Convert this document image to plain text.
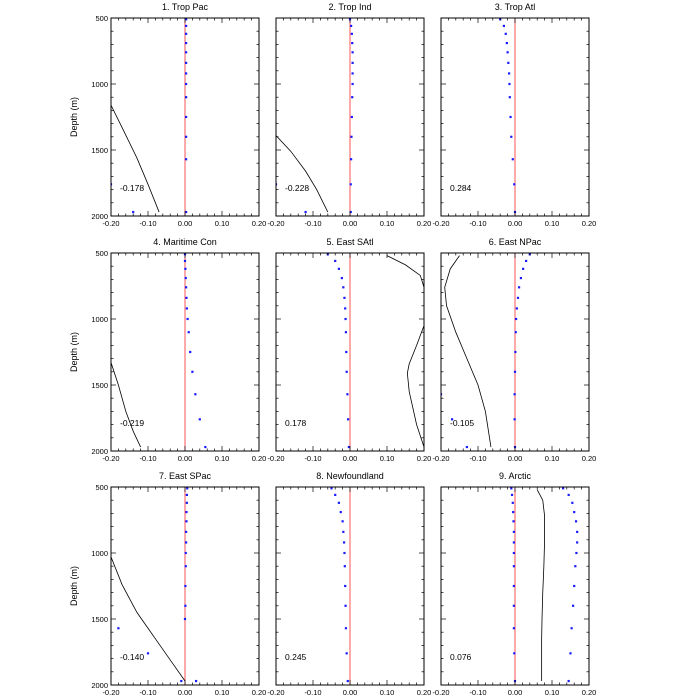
1. Trop Pac
-0.20	-0.10	0.00	0.10	0.20
500
1000
1500
2000
Depth (m)
-0.178
2. Trop Ind
-0.20	-0.10	0.00	0.10	0.20
-0.228
3. Trop Atl
-0.20	-0.10	0.00	0.10	0.20
0.284
4. Maritime Con
-0.20	-0.10	0.00	0.10	0.20
500
1000
1500
2000
Depth (m)
-0.219
5. East SAtl
-0.20	-0.10	0.00	0.10	0.20
0.178
6. East NPac
-0.20	-0.10	0.00	0.10	0.20
-0.105
7. East SPac
-0.20	-0.10	0.00	0.10	0.20
500
1000
1500
2000
Depth (m)
-0.140
8. Newfoundland
-0.20	-0.10	0.00	0.10	0.20
0.245
9. Arctic
-0.20	-0.10	0.00	0.10	0.20
0.076
